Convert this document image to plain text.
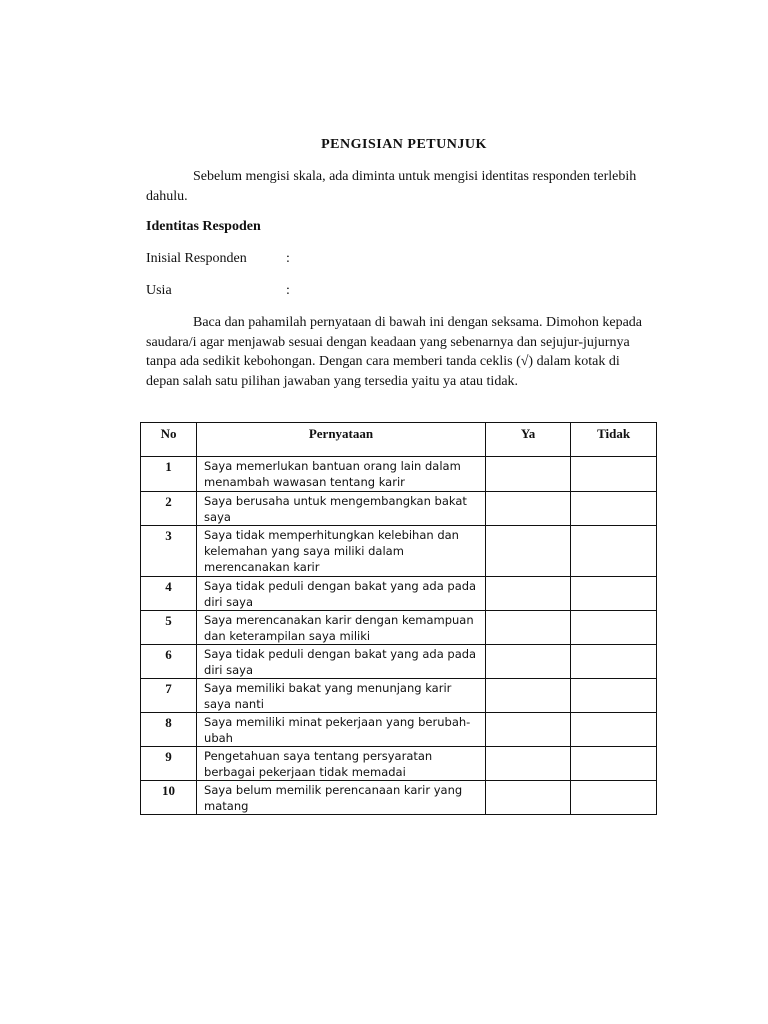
PENGISIAN PETUNJUK

Sebelum mengisi skala, ada diminta untuk mengisi identitas responden terlebih dahulu.

Identitas Respoden
Inisial Responden	:
Usia	:

Baca dan pahamilah pernyataan di bawah ini dengan seksama. Dimohon kepada saudara/i agar menjawab sesuai dengan keadaan yang sebenarnya dan sejujur-jujurnya tanpa ada sedikit kebohongan. Dengan cara memberi tanda ceklis (√) dalam kotak di depan salah satu pilihan jawaban yang tersedia yaitu ya atau tidak.

No	Pernyataan	Ya	Tidak
1	Saya memerlukan bantuan orang lain dalam menambah wawasan tentang karir		
2	Saya berusaha untuk mengembangkan bakat saya		
3	Saya tidak memperhitungkan kelebihan dan kelemahan yang saya miliki dalam merencanakan karir		
4	Saya tidak peduli dengan bakat yang ada pada diri saya		
5	Saya merencanakan karir dengan kemampuan dan keterampilan saya miliki		
6	Saya tidak peduli dengan bakat yang ada pada diri saya		
7	Saya memiliki bakat yang menunjang karir saya nanti		
8	Saya memiliki minat pekerjaan yang berubah-ubah		
9	Pengetahuan saya tentang persyaratan berbagai pekerjaan tidak memadai		
10	Saya belum memilik perencanaan karir yang matang		
